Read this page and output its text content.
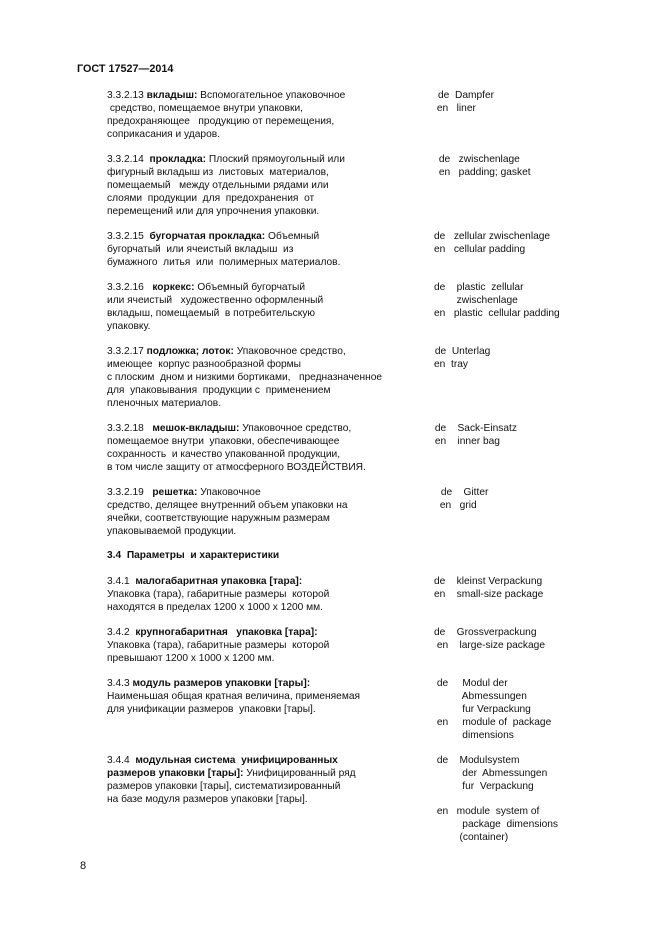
ГОСТ 17527—2014
3.3.2.13 вкладыш: Вспомогательное упаковочное
средство, помещаемое внутри упаковки,
предохраняющее   продукцию от перемещения,
соприкасания и ударов.
de  Dampfer
en   liner
3.3.2.14  прокладка: Плоский прямоугольный или
фигурный вкладыш из  листовых  материалов,
помещаемый   между отдельными рядами или
слоями  продукции  для  предохранения  от
перемещений или для упрочнения упаковки.
de   zwischenlage
en   padding; gasket
3.3.2.15  бугорчатая прокладка: Объемный
бугорчатый  или ячеистый вкладыш  из
бумажного  литья  или  полимерных материалов.
de   zellular zwischenlage
en   cellular padding
3.3.2.16   коркекс: Объемный бугорчатый
или ячеистый   художественно оформленный
вкладыш, помещаемый  в потребительскую
упаковку.
de    plastic  zellular
zwischenlage
en   plastic  cellular padding
3.3.2.17 подложка; лоток: Упаковочное средство,
имеющее  корпус разнообразной формы
с плоским  дном и низкими бортиками,   предназначенное
для  упаковывания  продукции с  применением
пленочных материалов.
de  Unterlag
en  tray
3.3.2.18   мешок-вкладыш: Упаковочное средство,
помещаемое внутри  упаковки, обеспечивающее
сохранность  и качество упакованной продукции,
в том числе защиту от атмосферного ВОЗДЕЙСТВИЯ.
de    Sack-Einsatz
en    inner bag
3.3.2.19   решетка: Упаковочное
средство, делящее внутренний объем упаковки на
ячейки, соответствующие наружным размерам
упаковываемой продукции.
de    Gitter
en   grid
3.4  Параметры  и характеристики
3.4.1  малогабаритная упаковка [тара]:
Упаковка (тара), габаритные размеры  которой
находятся в пределах 1200 х 1000 х 1200 мм.
de    kleinst Verpackung
en    small-size package
3.4.2  крупногабаритная   упаковка [тара]:
Упаковка (тара), габаритные размеры  которой
превышают 1200 х 1000 х 1200 мм.
de    Grossverpackung
en    large-size package
3.4.3 модуль размеров упаковки [тары]:
Наименьшая общая кратная величина, применяемая
для унификации размеров  упаковки [тары].
de     Modul der
Abmessungen
fur Verpackung
en     module of  package
dimensions
3.4.4  модульная система  унифицированных
размеров упаковки [тары]: Унифицированный ряд
размеров упаковки [тары], систематизированный
на базе модуля размеров упаковки [тары].
de    Modulsystem
der  Abmessungen
fur  Verpackung
en   module  system of
package  dimensions
(container)
8
